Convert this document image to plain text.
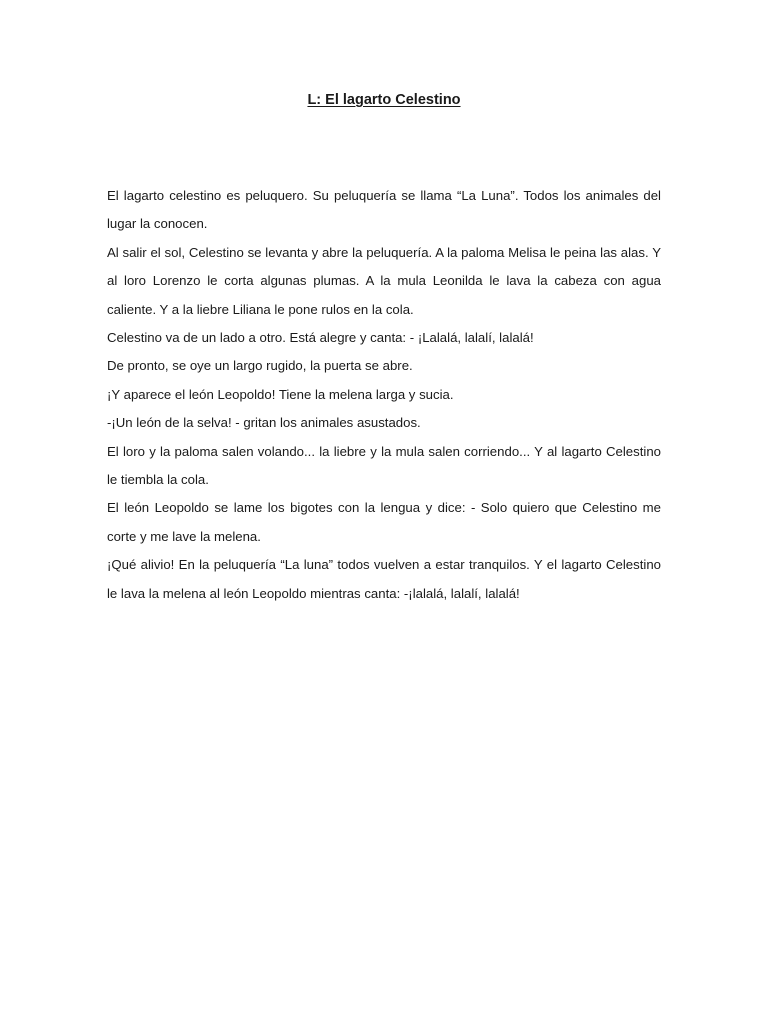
L: El lagarto Celestino

El lagarto celestino es peluquero. Su peluquería se llama “La Luna”. Todos los animales del lugar la conocen.

Al salir el sol, Celestino se levanta y abre la peluquería. A la paloma Melisa le peina las alas. Y al loro Lorenzo le corta algunas plumas. A la mula Leonilda le lava la cabeza con agua caliente. Y a la liebre Liliana le pone rulos en la cola.

Celestino va de un lado a otro. Está alegre y canta: - ¡Lalalá, lalalí, lalalá!

De pronto, se oye un largo rugido, la puerta se abre.

¡Y aparece el león Leopoldo! Tiene la melena larga y sucia.

-¡Un león de la selva! - gritan los animales asustados.

El loro y la paloma salen volando... la liebre y la mula salen corriendo... Y al lagarto Celestino le tiembla la cola.

El león Leopoldo se lame los bigotes con la lengua y dice: - Solo quiero que Celestino me corte y me lave la melena.

¡Qué alivio! En la peluquería “La luna” todos vuelven a estar tranquilos. Y el lagarto Celestino le lava la melena al león Leopoldo mientras canta: -¡lalalá, lalalí, lalalá!
